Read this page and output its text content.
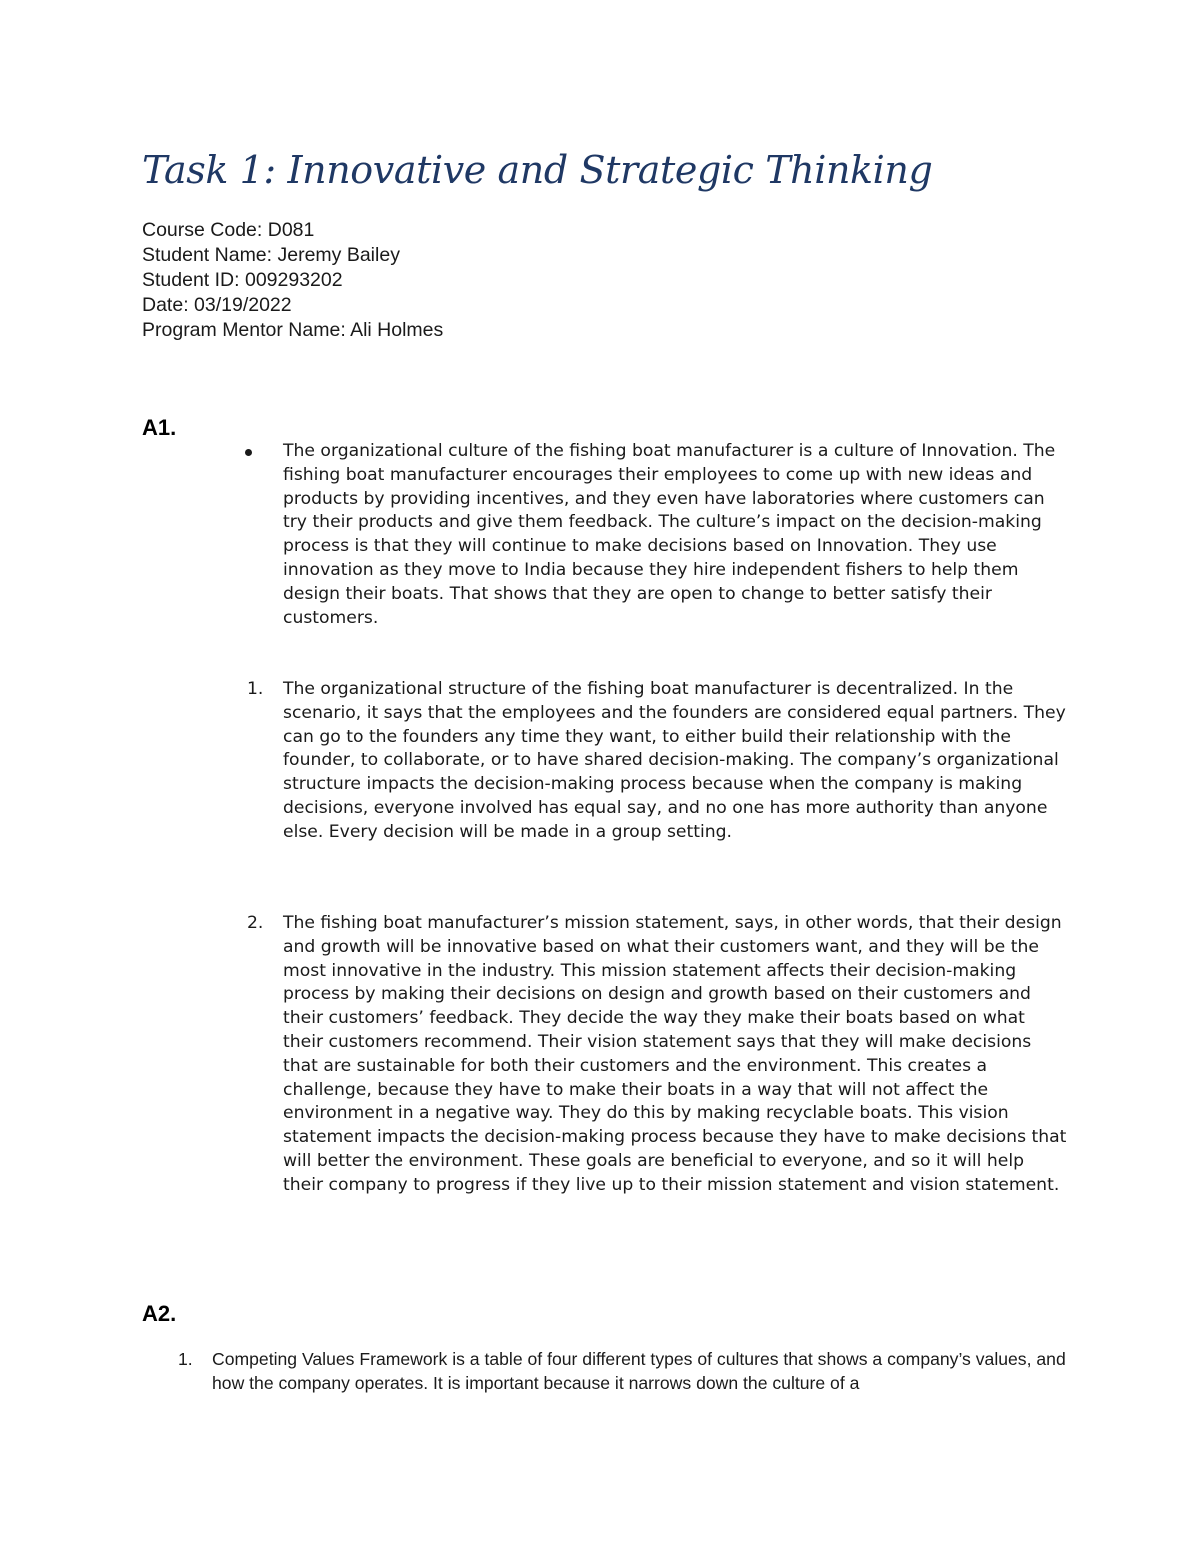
Task 1: Innovative and Strategic Thinking
Course Code: D081
Student Name: Jeremy Bailey
Student ID: 009293202
Date: 03/19/2022
Program Mentor Name: Ali Holmes
A1.

The organizational culture of the fishing boat manufacturer is a culture of Innovation. The fishing boat manufacturer encourages their employees to come up with new ideas and products by providing incentives, and they even have laboratories where customers can try their products and give them feedback. The culture’s impact on the decision-making process is that they will continue to make decisions based on Innovation. They use innovation as they move to India because they hire independent fishers to help them design their boats. That shows that they are open to change to better satisfy their customers.

1. The organizational structure of the fishing boat manufacturer is decentralized. In the scenario, it says that the employees and the founders are considered equal partners. They can go to the founders any time they want, to either build their relationship with the founder, to collaborate, or to have shared decision-making. The company’s organizational structure impacts the decision-making process because when the company is making decisions, everyone involved has equal say, and no one has more authority than anyone else. Every decision will be made in a group setting.

2. The fishing boat manufacturer’s mission statement, says, in other words, that their design and growth will be innovative based on what their customers want, and they will be the most innovative in the industry. This mission statement affects their decision-making process by making their decisions on design and growth based on their customers and their customers’ feedback. They decide the way they make their boats based on what their customers recommend. Their vision statement says that they will make decisions that are sustainable for both their customers and the environment. This creates a challenge, because they have to make their boats in a way that will not affect the environment in a negative way. They do this by making recyclable boats. This vision statement impacts the decision-making process because they have to make decisions that will better the environment. These goals are beneficial to everyone, and so it will help their company to progress if they live up to their mission statement and vision statement.

A2.
1. Competing Values Framework is a table of four different types of cultures that shows a company’s values, and how the company operates. It is important because it narrows down the culture of a
